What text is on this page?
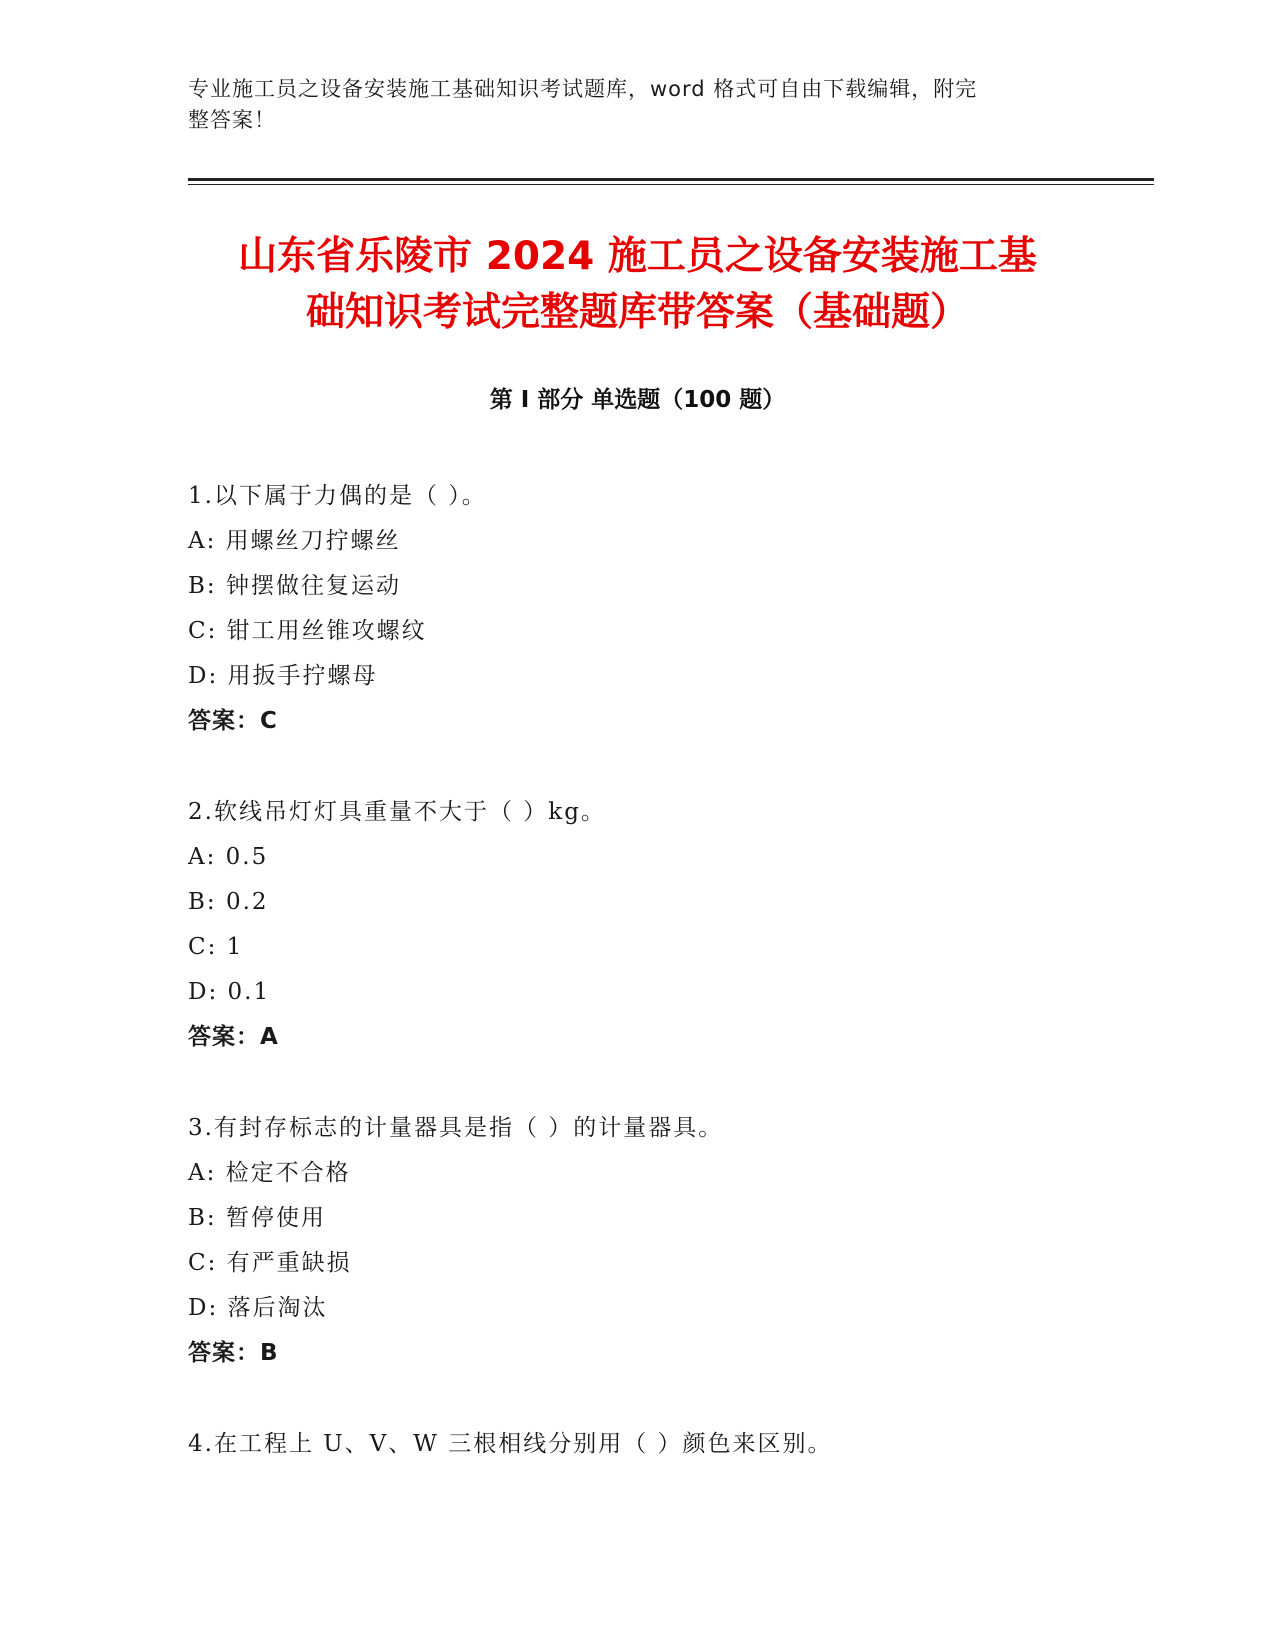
专业施工员之设备安装施工基础知识考试题库，word 格式可自由下载编辑，附完
整答案！
山东省乐陵市 2024 施工员之设备安装施工基
础知识考试完整题库带答案（基础题）
第 I 部分 单选题（100 题）
1.以下属于力偶的是（ ）。
A: 用螺丝刀拧螺丝
B: 钟摆做往复运动
C: 钳工用丝锥攻螺纹
D: 用扳手拧螺母
答案：C
2.软线吊灯灯具重量不大于（ ）kg。
A: 0.5
B: 0.2
C: 1
D: 0.1
答案：A
3.有封存标志的计量器具是指（ ）的计量器具。
A: 检定不合格
B: 暂停使用
C: 有严重缺损
D: 落后淘汰
答案：B
4.在工程上 U、V、W 三根相线分别用（ ）颜色来区别。
